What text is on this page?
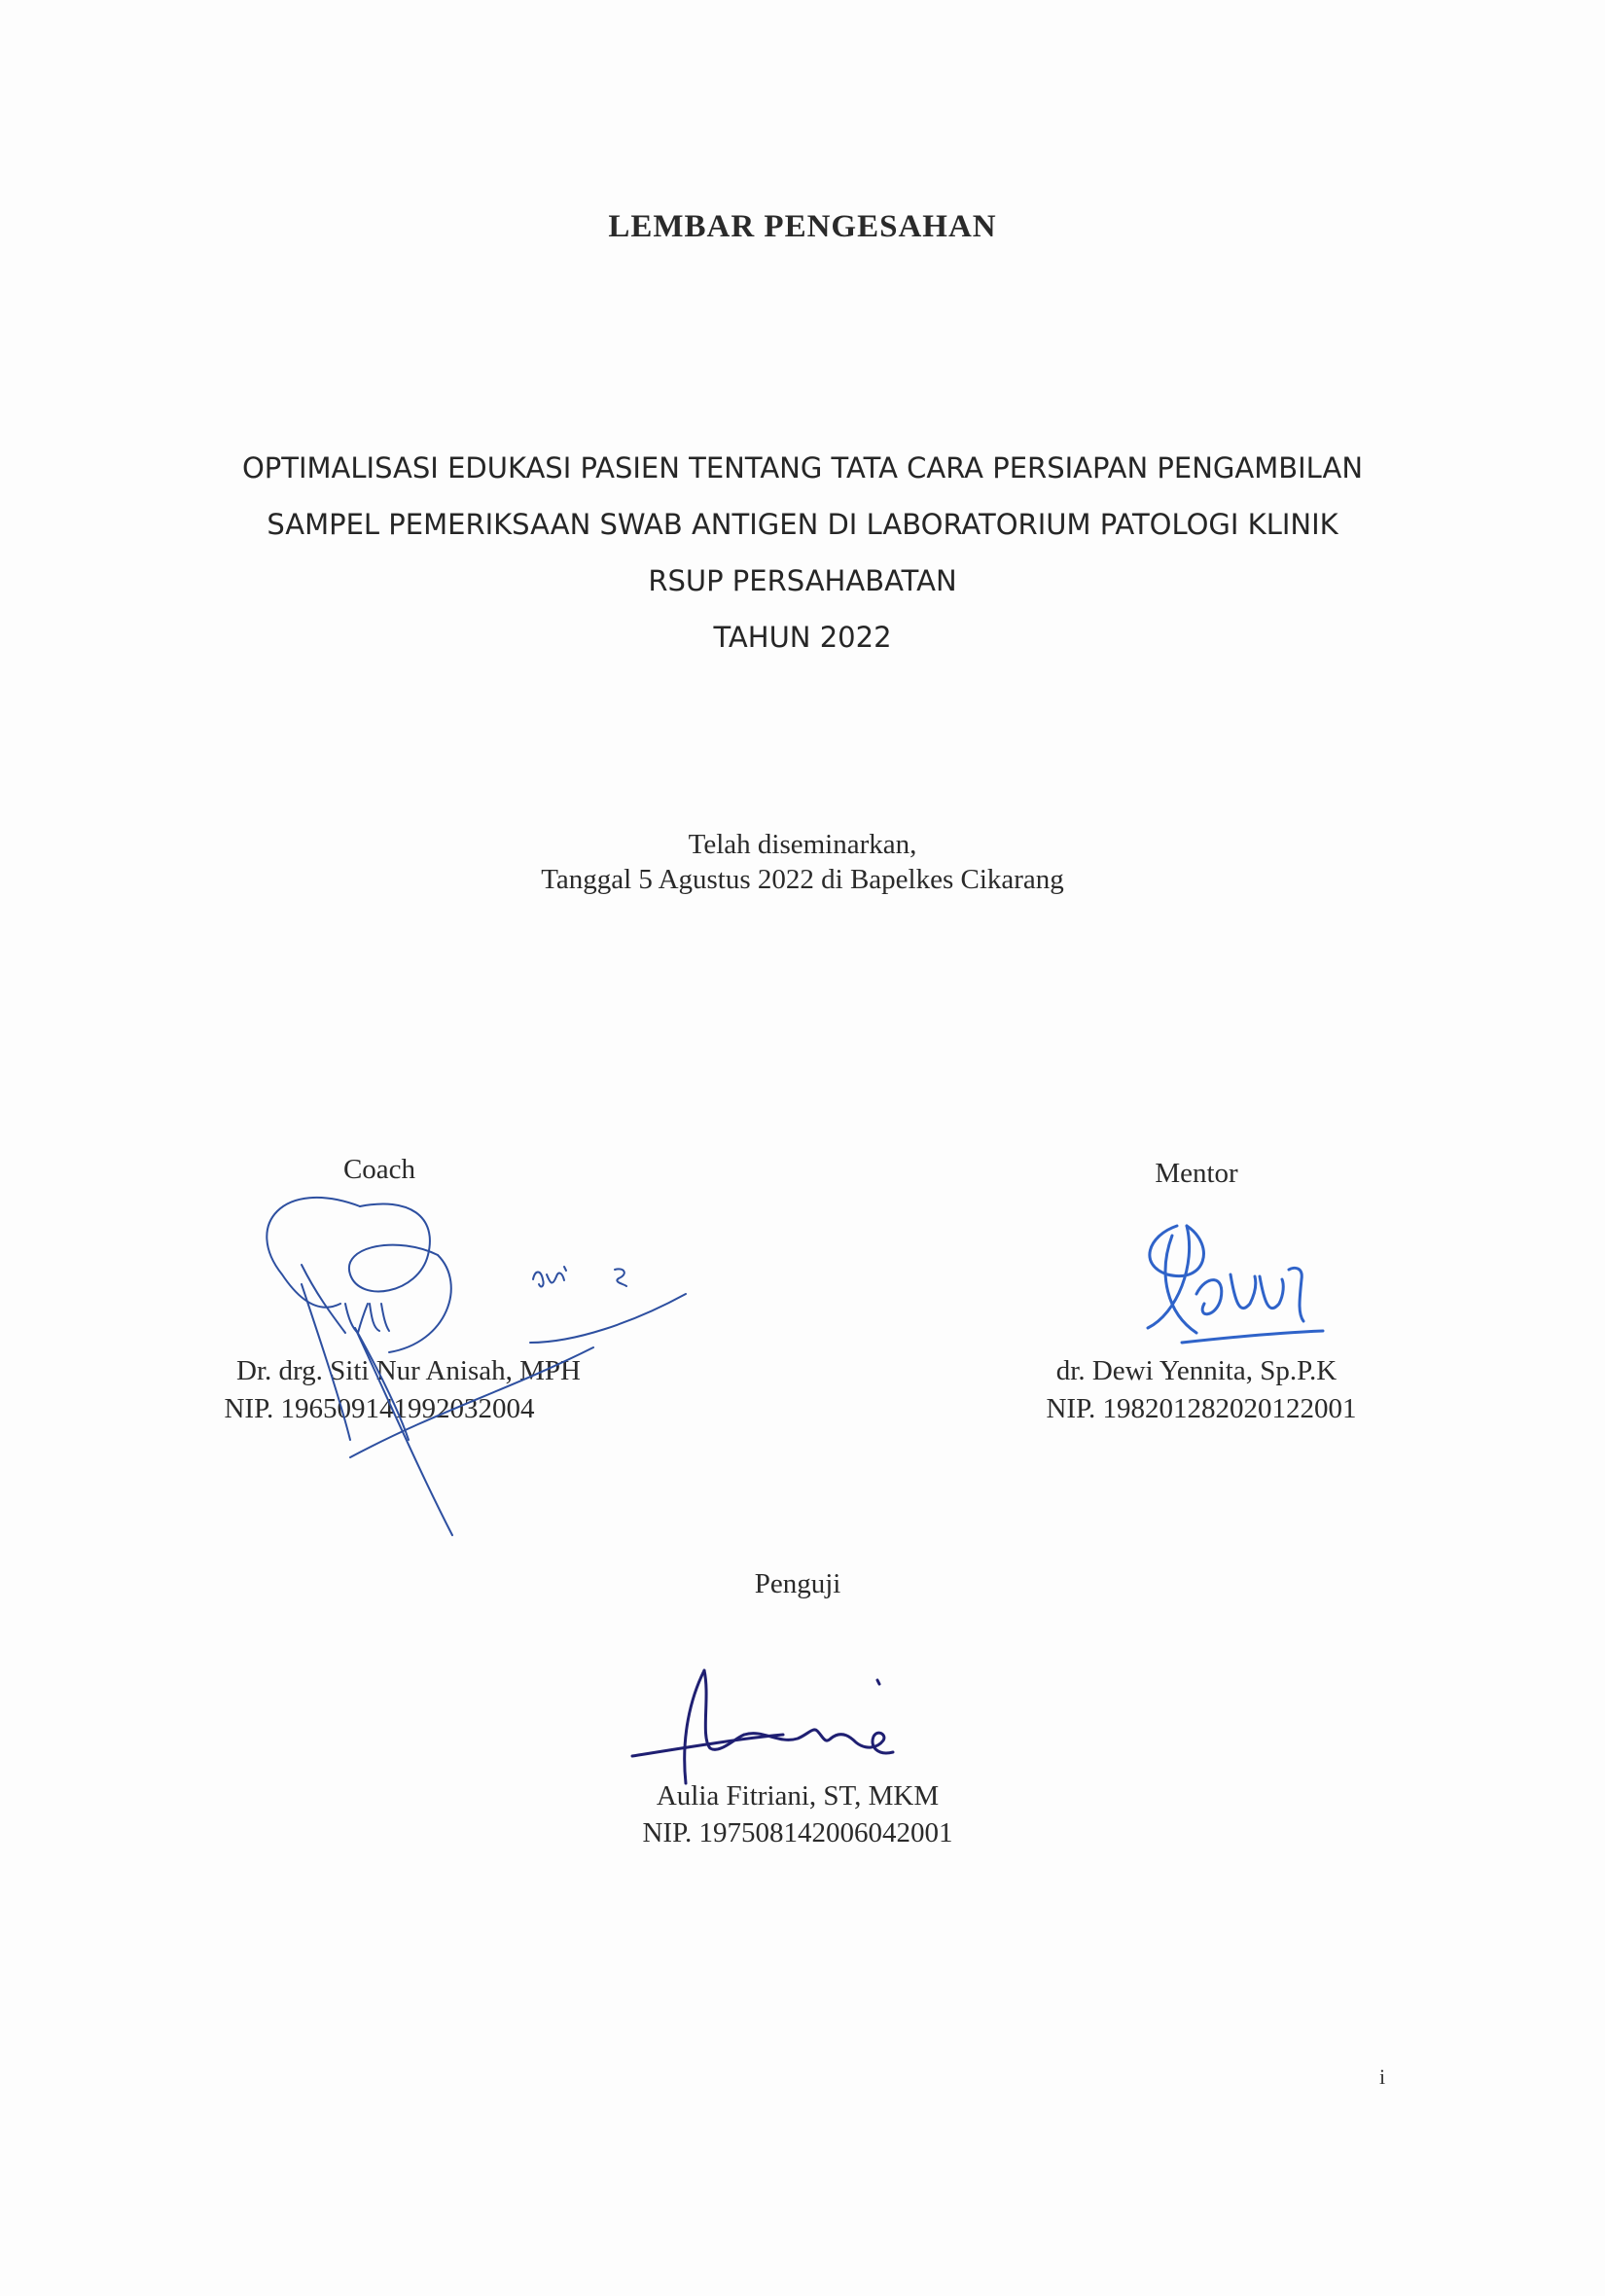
LEMBAR PENGESAHAN
OPTIMALISASI EDUKASI PASIEN TENTANG TATA CARA PERSIAPAN PENGAMBILAN
SAMPEL PEMERIKSAAN SWAB ANTIGEN DI LABORATORIUM PATOLOGI KLINIK
RSUP PERSAHABATAN
TAHUN 2022
Telah diseminarkan,
Tanggal 5 Agustus 2022 di Bapelkes Cikarang
Coach
Dr. drg. Siti Nur Anisah, MPH
NIP. 196509141992032004
Mentor
dr. Dewi Yennita, Sp.P.K
NIP. 198201282020122001
Penguji
Aulia Fitriani, ST, MKM
NIP. 197508142006042001
i
